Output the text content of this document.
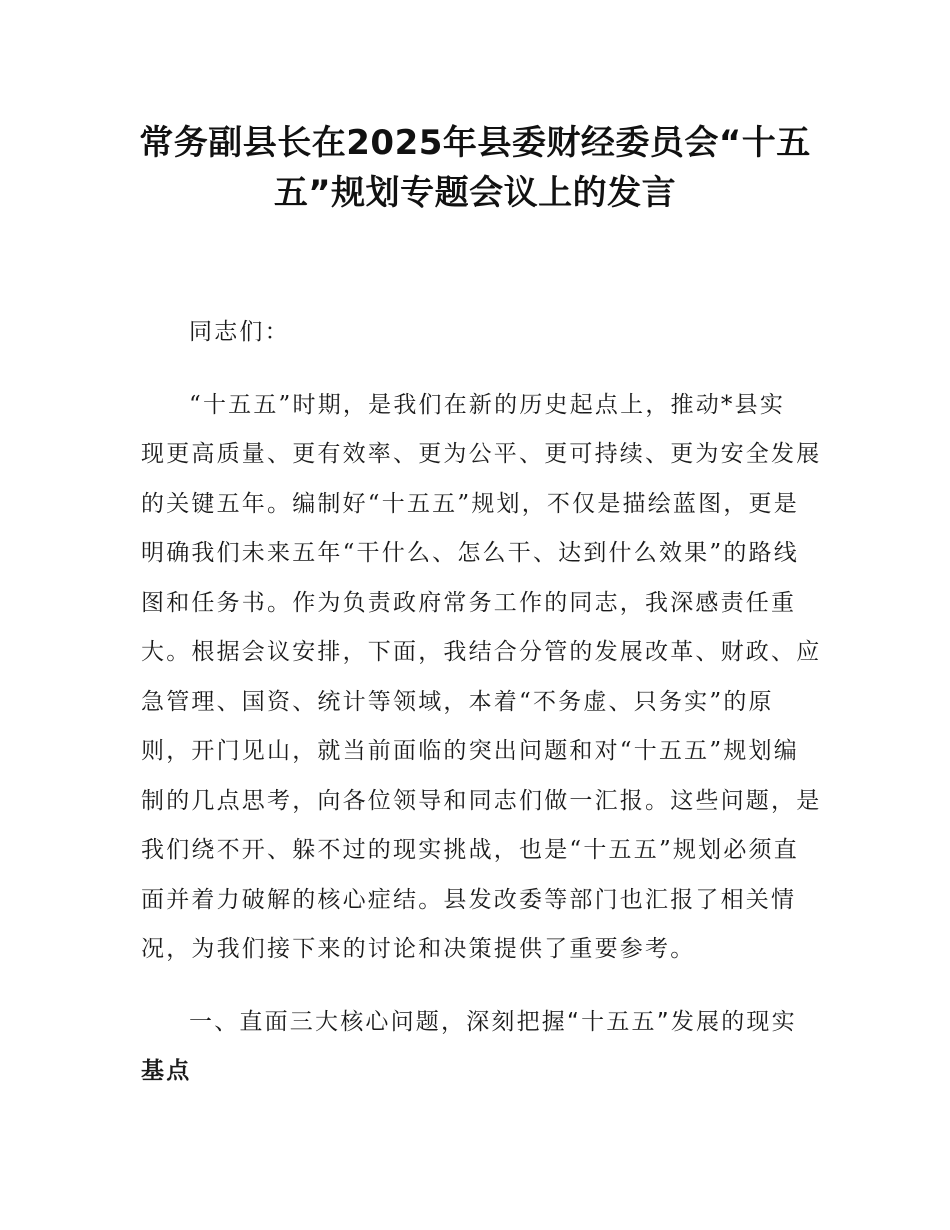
常务副县长在2025年县委财经委员会“十五
五”规划专题会议上的发言
同志们：
“十五五”时期，是我们在新的历史起点上，推动*县实
现更高质量、更有效率、更为公平、更可持续、更为安全发展
的关键五年。编制好“十五五”规划，不仅是描绘蓝图，更是
明确我们未来五年“干什么、怎么干、达到什么效果”的路线
图和任务书。作为负责政府常务工作的同志，我深感责任重
大。根据会议安排，下面，我结合分管的发展改革、财政、应
急管理、国资、统计等领域，本着“不务虚、只务实”的原
则，开门见山，就当前面临的突出问题和对“十五五”规划编
制的几点思考，向各位领导和同志们做一汇报。这些问题，是
我们绕不开、躲不过的现实挑战，也是“十五五”规划必须直
面并着力破解的核心症结。县发改委等部门也汇报了相关情
况，为我们接下来的讨论和决策提供了重要参考。
一、直面三大核心问题，深刻把握“十五五”发展的现实
基点
